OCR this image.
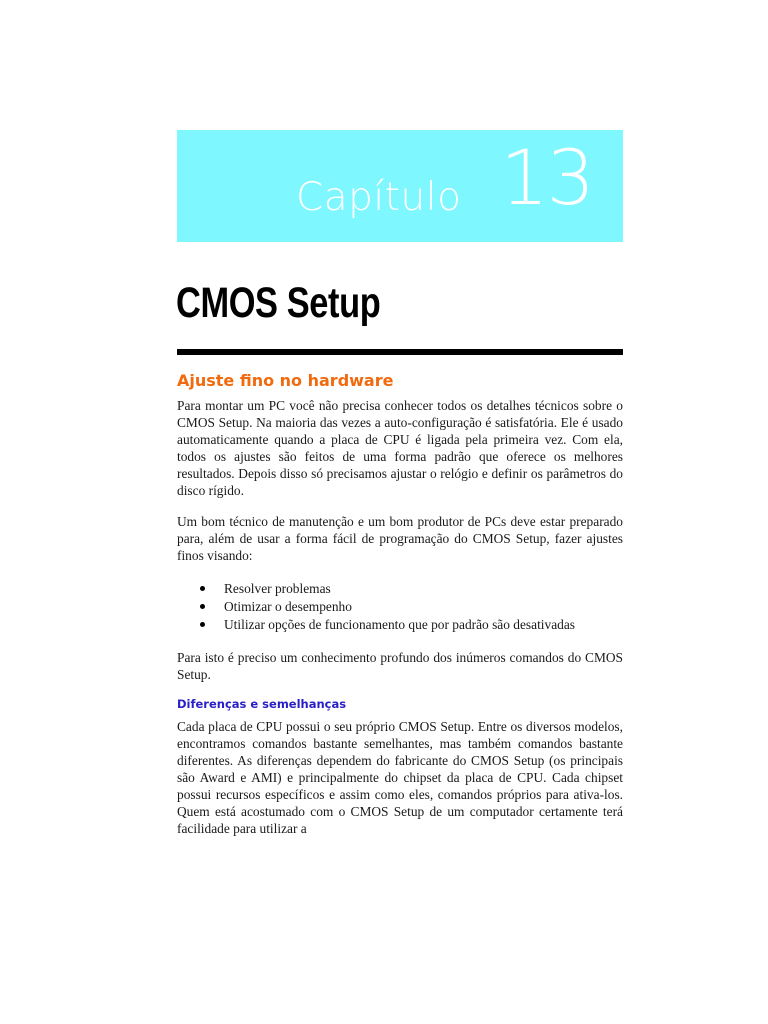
Capítulo 13
CMOS Setup
Ajuste fino no hardware

Para montar um PC você não precisa conhecer todos os detalhes técnicos sobre o CMOS Setup. Na maioria das vezes a auto-configuração é satisfatória. Ele é usado automaticamente quando a placa de CPU é ligada pela primeira vez. Com ela, todos os ajustes são feitos de uma forma padrão que oferece os melhores resultados. Depois disso só precisamos ajustar o relógio e definir os parâmetros do disco rígido.

Um bom técnico de manutenção e um bom produtor de PCs deve estar preparado para, além de usar a forma fácil de programação do CMOS Setup, fazer ajustes finos visando:

Resolver problemas
Otimizar o desempenho
Utilizar opções de funcionamento que por padrão são desativadas

Para isto é preciso um conhecimento profundo dos inúmeros comandos do CMOS Setup.

Diferenças e semelhanças

Cada placa de CPU possui o seu próprio CMOS Setup. Entre os diversos modelos, encontramos comandos bastante semelhantes, mas também comandos bastante diferentes. As diferenças dependem do fabricante do CMOS Setup (os principais são Award e AMI) e principalmente do chipset da placa de CPU. Cada chipset possui recursos específicos e assim como eles, comandos próprios para ativa-los. Quem está acostumado com o CMOS Setup de um computador certamente terá facilidade para utilizar a
